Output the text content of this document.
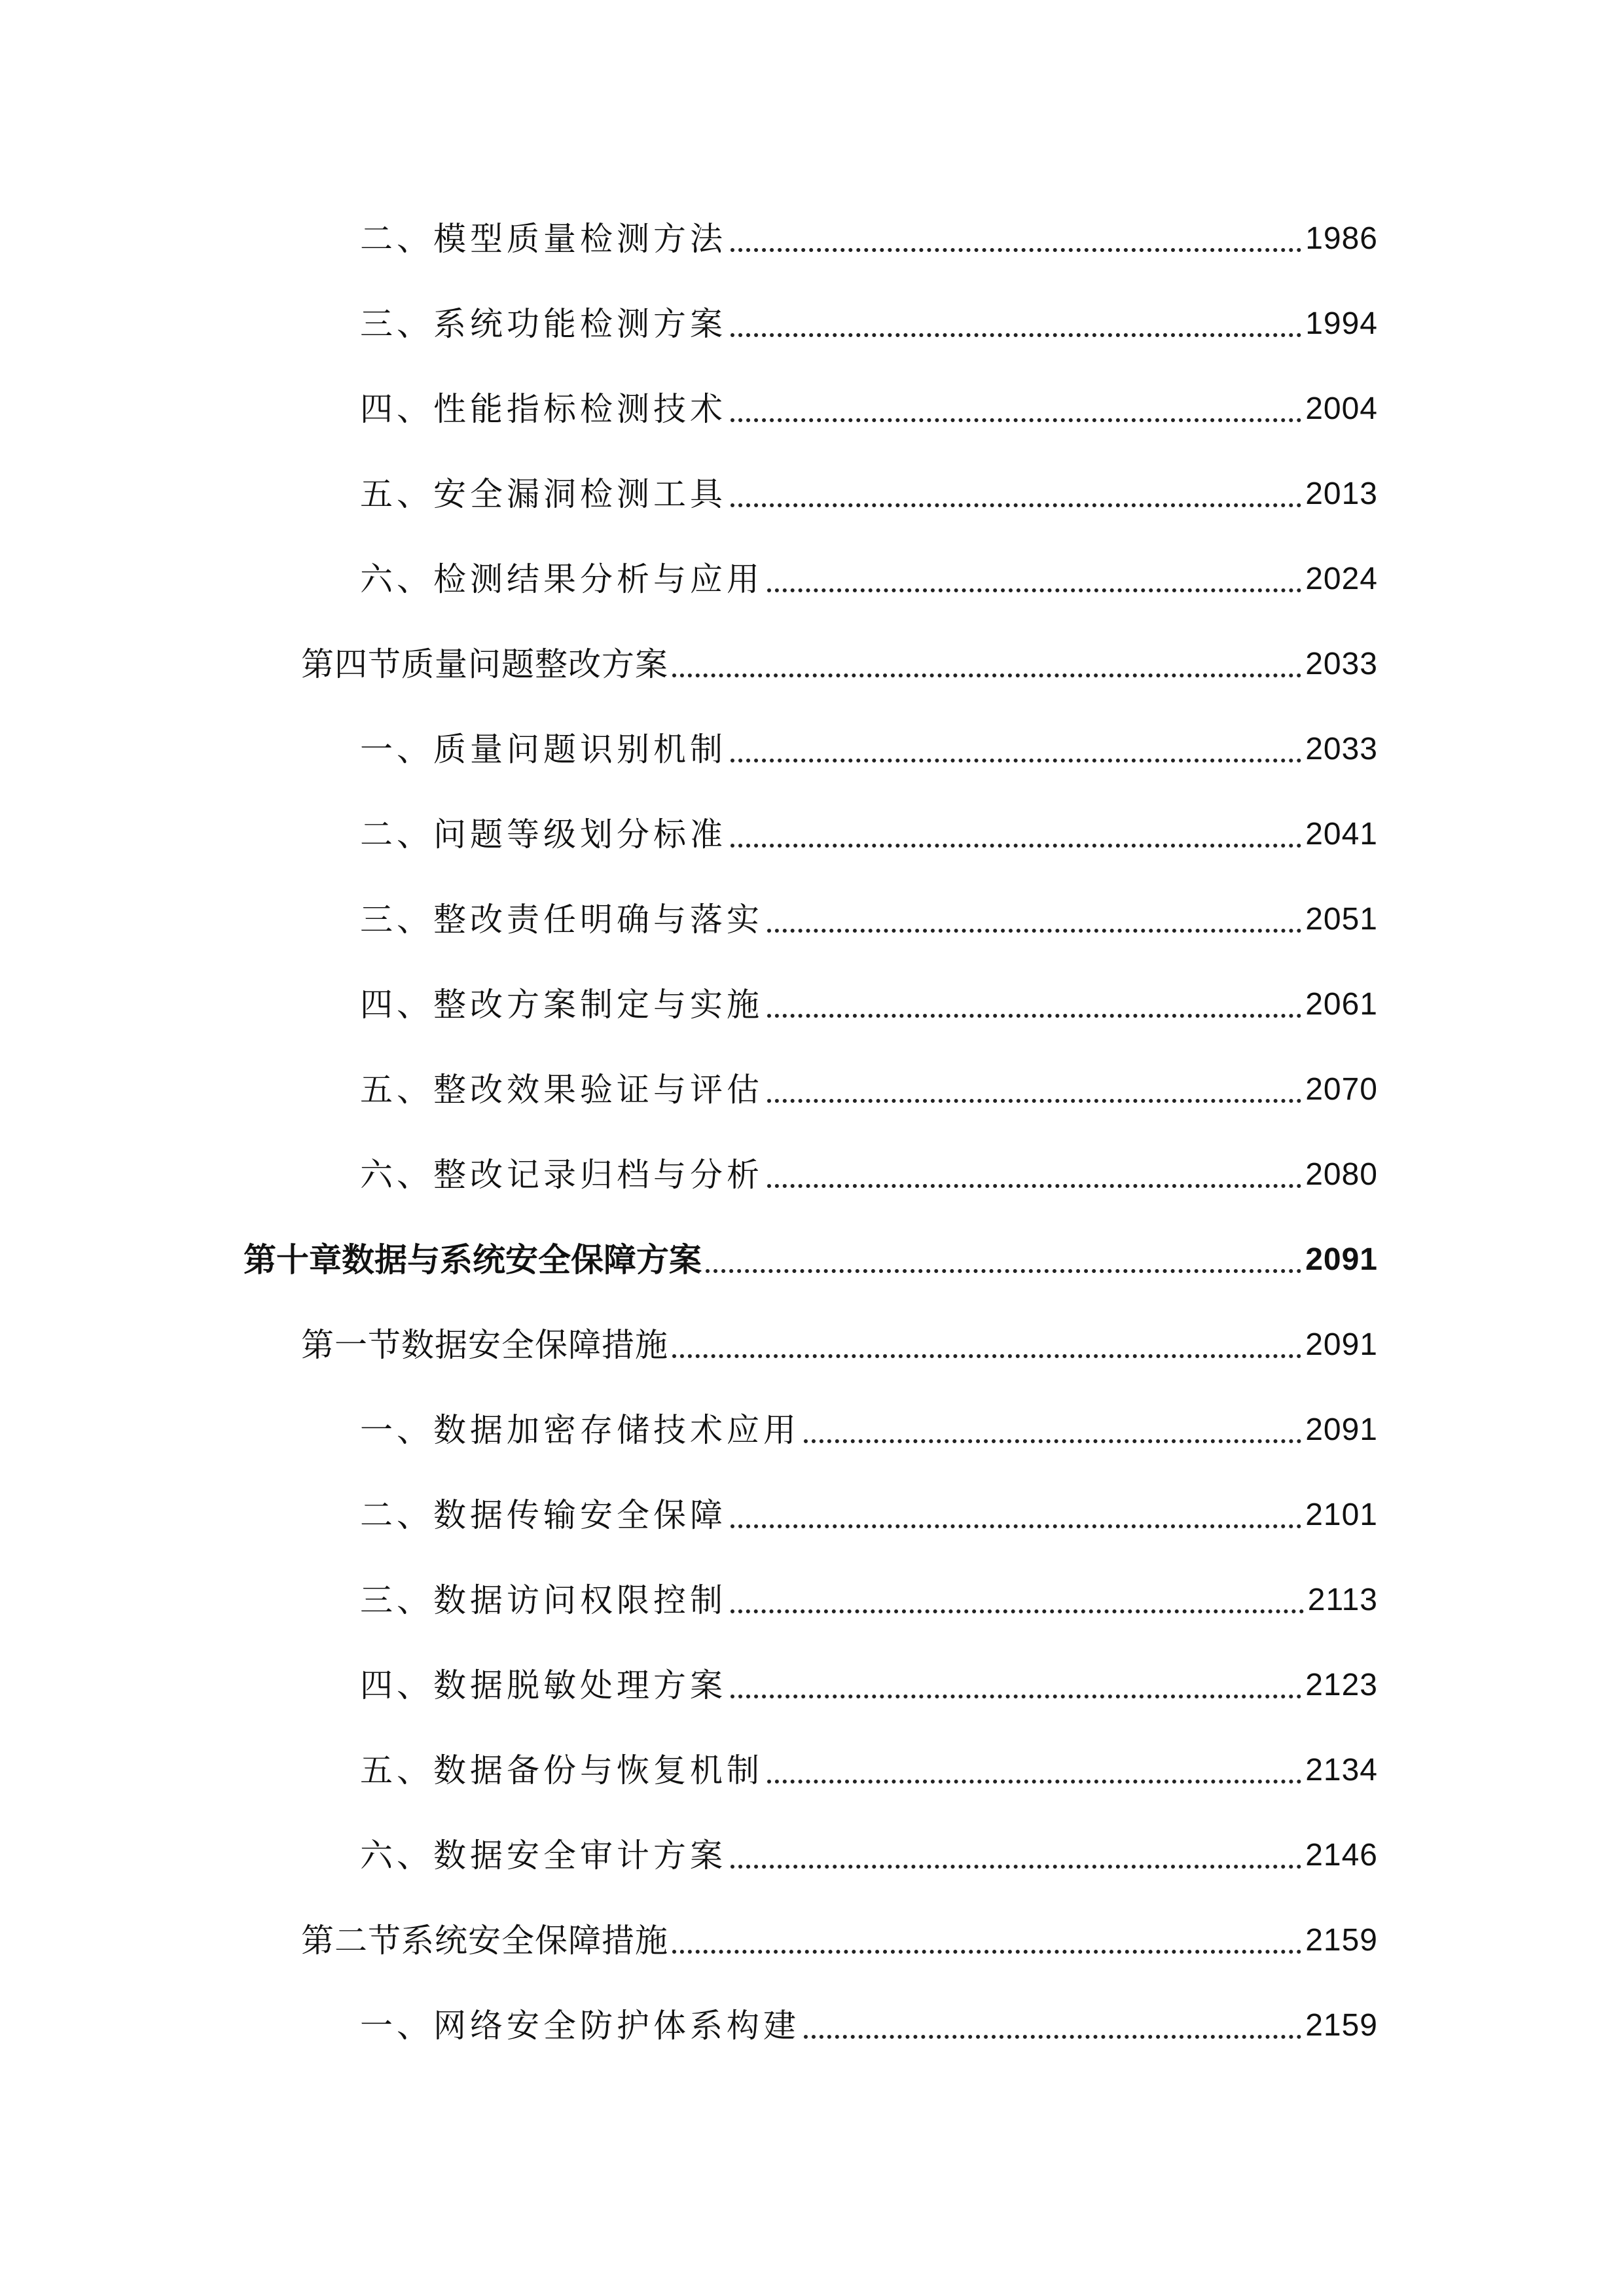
二、模型质量检测方法	1986
三、系统功能检测方案	1994
四、性能指标检测技术	2004
五、安全漏洞检测工具	2013
六、检测结果分析与应用	2024
第四节质量问题整改方案	2033
一、质量问题识别机制	2033
二、问题等级划分标准	2041
三、整改责任明确与落实	2051
四、整改方案制定与实施	2061
五、整改效果验证与评估	2070
六、整改记录归档与分析	2080
第十章数据与系统安全保障方案	2091
第一节数据安全保障措施	2091
一、数据加密存储技术应用	2091
二、数据传输安全保障	2101
三、数据访问权限控制	2113
四、数据脱敏处理方案	2123
五、数据备份与恢复机制	2134
六、数据安全审计方案	2146
第二节系统安全保障措施	2159
一、网络安全防护体系构建	2159
